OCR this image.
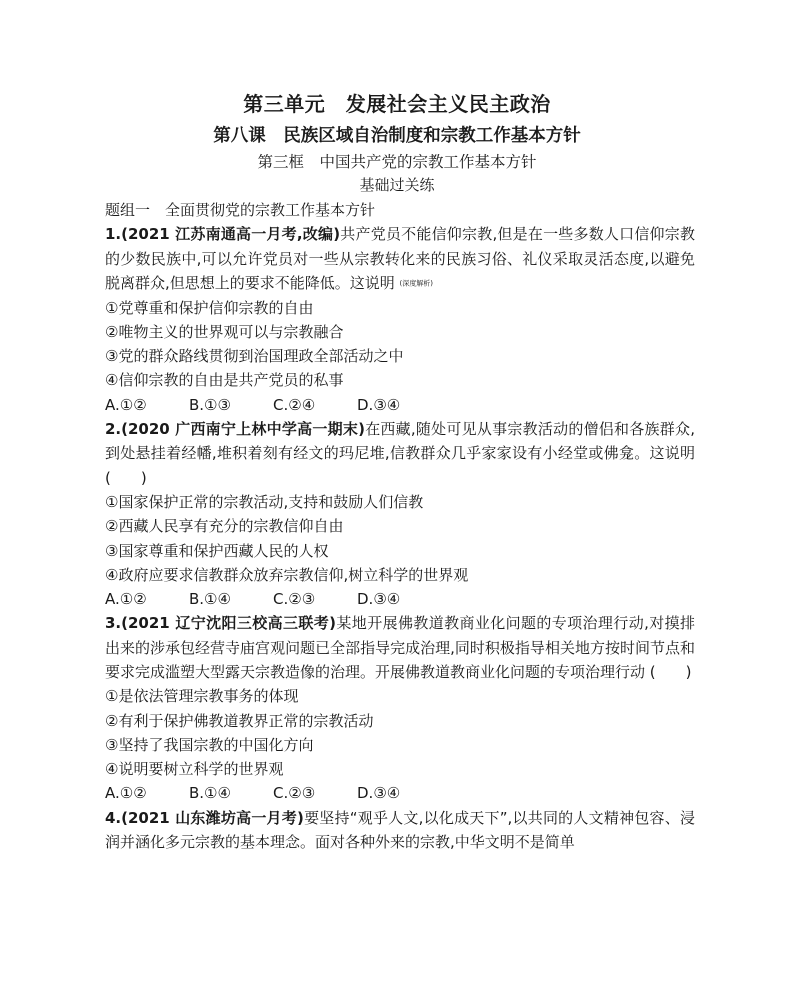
第三单元　发展社会主义民主政治
第八课　民族区域自治制度和宗教工作基本方针
第三框　中国共产党的宗教工作基本方针
基础过关练

题组一　全面贯彻党的宗教工作基本方针

1.(2021 江苏南通高一月考,改编)共产党员不能信仰宗教,但是在一些多数人口信仰宗教的少数民族中,可以允许党员对一些从宗教转化来的民族习俗、礼仪采取灵活态度,以避免脱离群众,但思想上的要求不能降低。这说明 (深度解析)

①党尊重和保护信仰宗教的自由

②唯物主义的世界观可以与宗教融合

③党的群众路线贯彻到治国理政全部活动之中

④信仰宗教的自由是共产党员的私事

A.①②	B.①③	C.②④	D.③④

2.(2020 广西南宁上林中学高一期末)在西藏,随处可见从事宗教活动的僧侣和各族群众,到处悬挂着经幡,堆积着刻有经文的玛尼堆,信教群众几乎家家设有小经堂或佛龛。这说明　(　　)

①国家保护正常的宗教活动,支持和鼓励人们信教

②西藏人民享有充分的宗教信仰自由

③国家尊重和保护西藏人民的人权

④政府应要求信教群众放弃宗教信仰,树立科学的世界观

A.①②	B.①④	C.②③	D.③④

3.(2021 辽宁沈阳三校高三联考)某地开展佛教道教商业化问题的专项治理行动,对摸排出来的涉承包经营寺庙宫观问题已全部指导完成治理,同时积极指导相关地方按时间节点和要求完成滥塑大型露天宗教造像的治理。开展佛教道教商业化问题的专项治理行动 (　　)

①是依法管理宗教事务的体现

②有利于保护佛教道教界正常的宗教活动

③坚持了我国宗教的中国化方向

④说明要树立科学的世界观

A.①②	B.①④	C.②③	D.③④

4.(2021 山东潍坊高一月考)要坚持“观乎人文,以化成天下”,以共同的人文精神包容、浸润并涵化多元宗教的基本理念。面对各种外来的宗教,中华文明不是简单
